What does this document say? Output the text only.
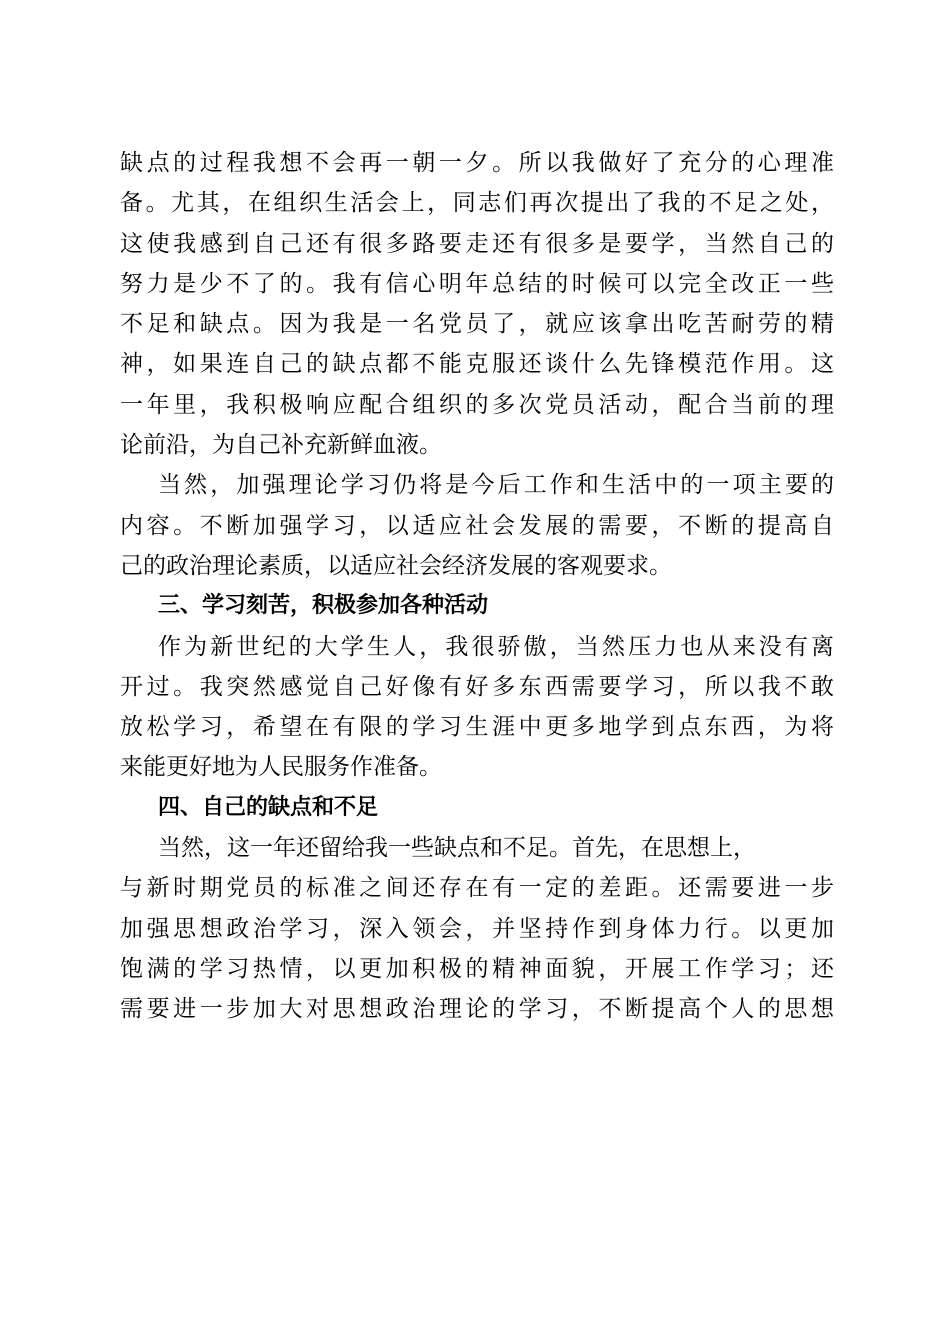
缺点的过程我想不会再一朝一夕。所以我做好了充分的心理准
备。尤其，在组织生活会上，同志们再次提出了我的不足之处，
这使我感到自己还有很多路要走还有很多是要学，当然自己的
努力是少不了的。我有信心明年总结的时候可以完全改正一些
不足和缺点。因为我是一名党员了，就应该拿出吃苦耐劳的精
神，如果连自己的缺点都不能克服还谈什么先锋模范作用。这
一年里，我积极响应配合组织的多次党员活动，配合当前的理
论前沿，为自己补充新鲜血液。
当然，加强理论学习仍将是今后工作和生活中的一项主要的
内容。不断加强学习，以适应社会发展的需要，不断的提高自
己的政治理论素质，以适应社会经济发展的客观要求。
三、学习刻苦，积极参加各种活动
作为新世纪的大学生人，我很骄傲，当然压力也从来没有离
开过。我突然感觉自己好像有好多东西需要学习，所以我不敢
放松学习，希望在有限的学习生涯中更多地学到点东西，为将
来能更好地为人民服务作准备。
四、自己的缺点和不足
当然，这一年还留给我一些缺点和不足。首先，在思想上，
与新时期党员的标准之间还存在有一定的差距。还需要进一步
加强思想政治学习，深入领会，并坚持作到身体力行。以更加
饱满的学习热情，以更加积极的精神面貌，开展工作学习；还
需要进一步加大对思想政治理论的学习，不断提高个人的思想
